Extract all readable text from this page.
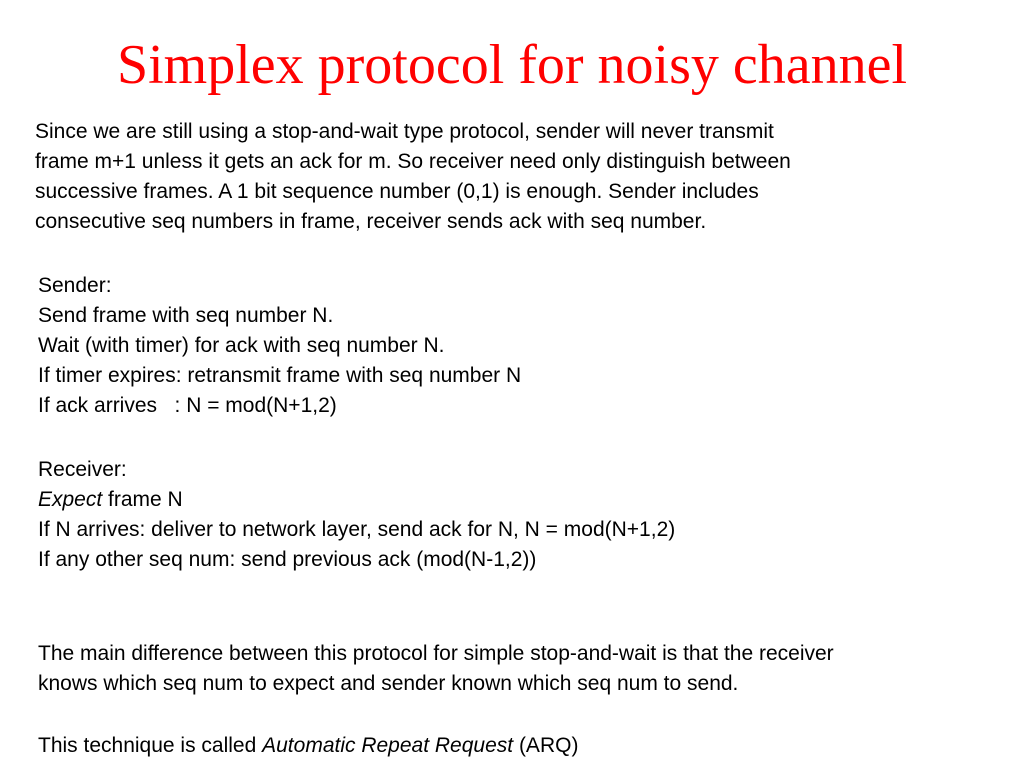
Simplex protocol for noisy channel
Since we are still using a stop-and-wait type protocol, sender will never transmit
frame m+1 unless it gets an ack for m. So receiver need only distinguish between
successive frames. A 1 bit sequence number (0,1) is enough. Sender includes
consecutive seq numbers in frame, receiver sends ack with seq number.
Sender:
Send frame with seq number N.
Wait (with timer) for ack with seq number N.
If timer expires: retransmit frame with seq number N
If ack arrives   : N = mod(N+1,2)
Receiver:
Expect frame N
If N arrives: deliver to network layer, send ack for N, N = mod(N+1,2)
If any other seq num: send previous ack (mod(N-1,2))
The main difference between this protocol for simple stop-and-wait is that the receiver
knows which seq num to expect and sender known which seq num to send.
This technique is called Automatic Repeat Request (ARQ)
